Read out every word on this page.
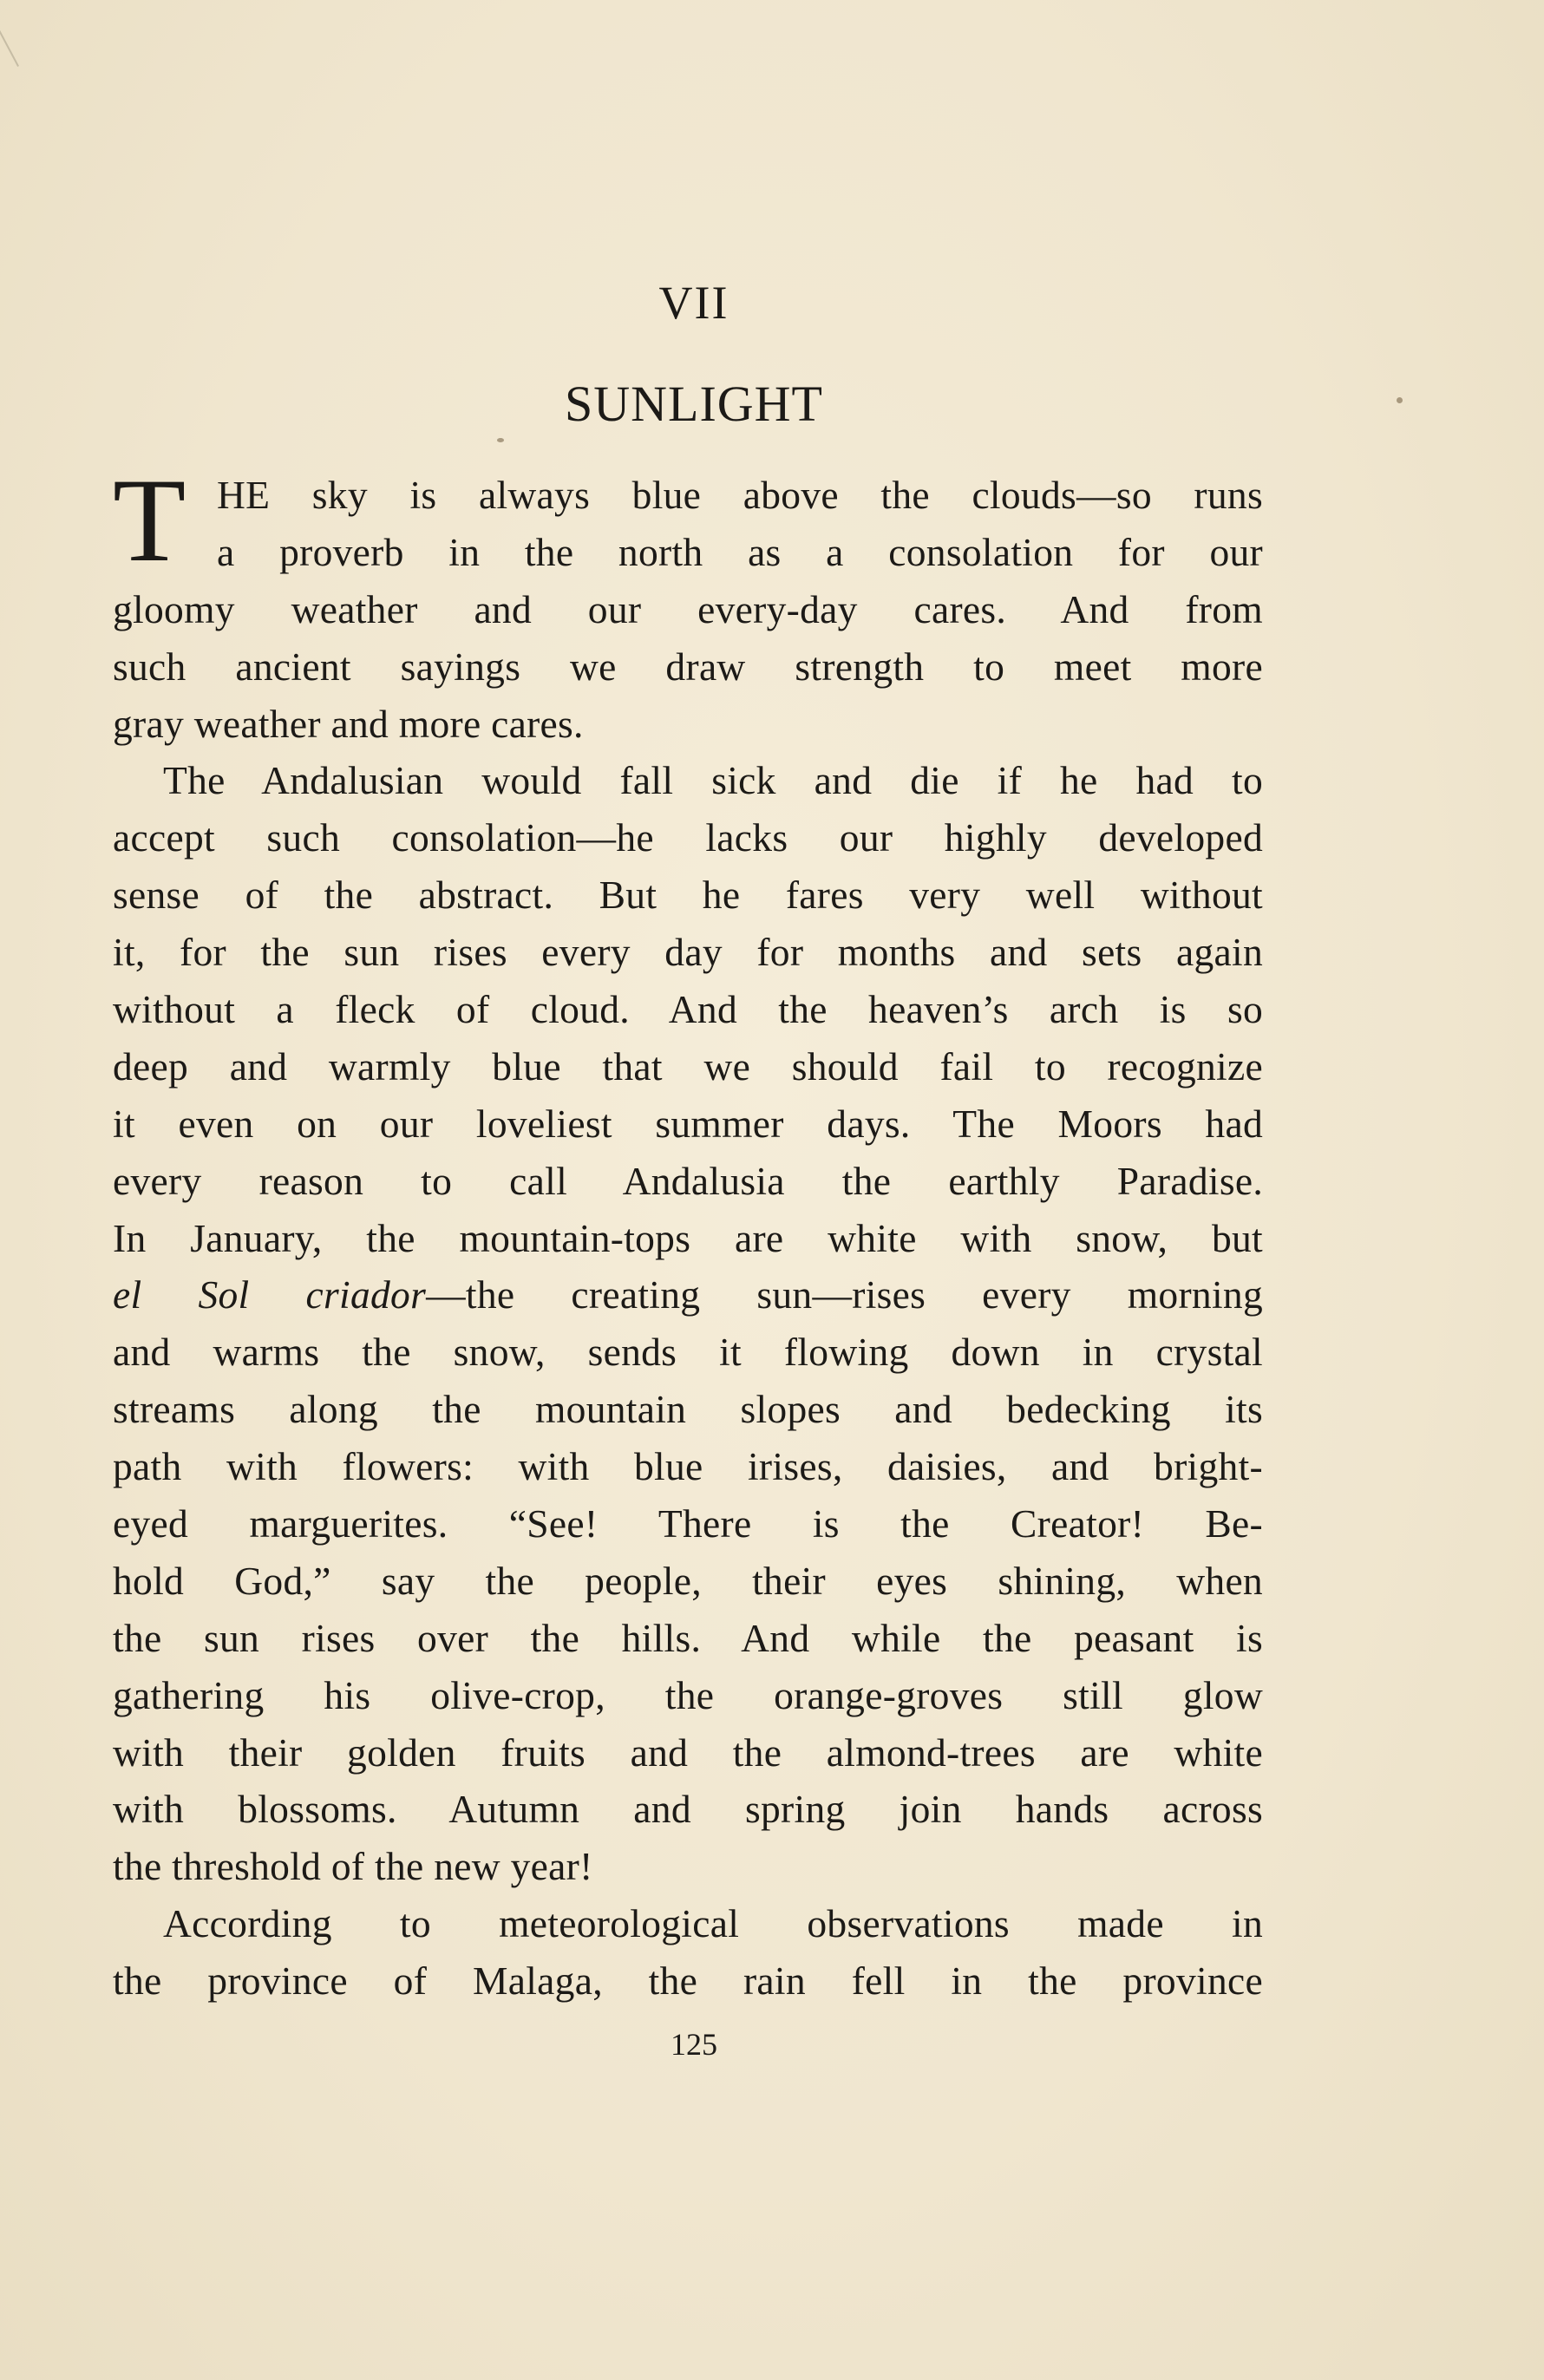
VII
SUNLIGHT
T HE sky is always blue above the clouds—so runs
a proverb in the north as a consolation for our
gloomy weather and our every-day cares. And from
such ancient sayings we draw strength to meet more
gray weather and more cares.
The Andalusian would fall sick and die if he had to
accept such consolation—he lacks our highly developed
sense of the abstract. But he fares very well without
it, for the sun rises every day for months and sets again
without a fleck of cloud. And the heaven’s arch is so
deep and warmly blue that we should fail to recognize
it even on our loveliest summer days. The Moors had
every reason to call Andalusia the earthly Paradise.
In January, the mountain-tops are white with snow, but
el Sol criador—the creating sun—rises every morning
and warms the snow, sends it flowing down in crystal
streams along the mountain slopes and bedecking its
path with flowers: with blue irises, daisies, and bright-
eyed marguerites. “See! There is the Creator! Be-
hold God,” say the people, their eyes shining, when
the sun rises over the hills. And while the peasant is
gathering his olive-crop, the orange-groves still glow
with their golden fruits and the almond-trees are white
with blossoms. Autumn and spring join hands across
the threshold of the new year!
According to meteorological observations made in
the province of Malaga, the rain fell in the province
125
